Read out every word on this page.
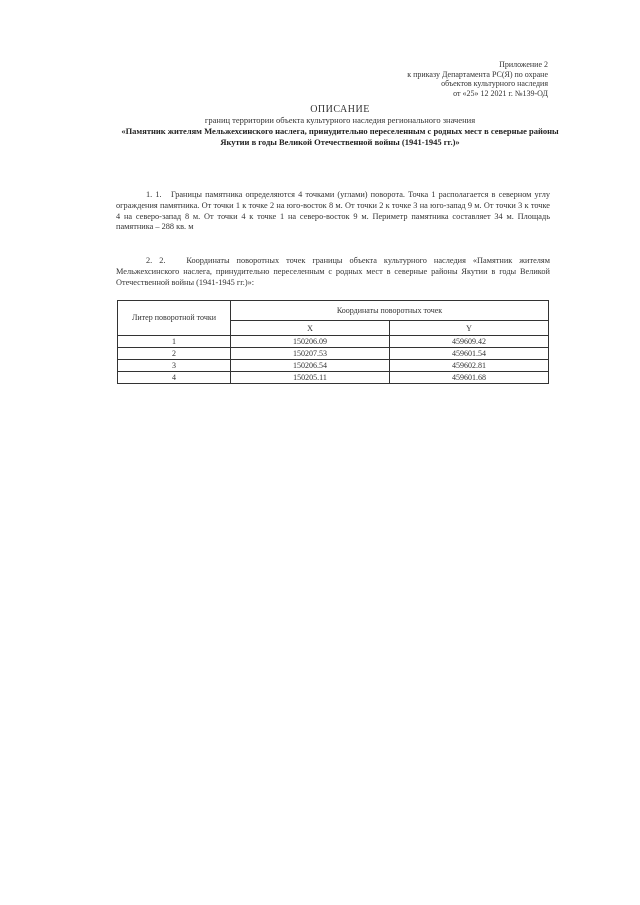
Приложение 2
к приказу Департамента РС(Я) по охране
объектов культурного наследия
от «25» 12 2021 г. №139-ОД
ОПИСАНИЕ
границ территории объекта культурного наследия регионального значения
«Памятник жителям Мельжехсинского наслега, принудительно переселенным с родных мест в северные районы Якутии в годы Великой Отечественной войны (1941-1945 гг.)»
1. 1. Границы памятника определяются 4 точками (углами) поворота. Точка 1 располагается в северном углу ограждения памятника. От точки 1 к точке 2 на юго-восток 8 м. От точки 2 к точке 3 на юго-запад 9 м. От точки 3 к точке 4 на северо-запад 8 м. От точки 4 к точке 1 на северо-восток 9 м. Периметр памятника составляет 34 м. Площадь памятника – 288 кв. м
2. 2.	Координаты поворотных точек границы объекта культурного наследия «Памятник жителям Мельжехсинского наслега, принудительно переселенным с родных мест в северные районы Якутии в годы Великой Отечественной войны (1941-1945 гг.)»:
Литер поворотной точки	Координаты поворотных точек	
	X	Y
1	150206.09	459609.42
2	150207.53	459601.54
3	150206.54	459602.81
4	150205.11	459601.68
